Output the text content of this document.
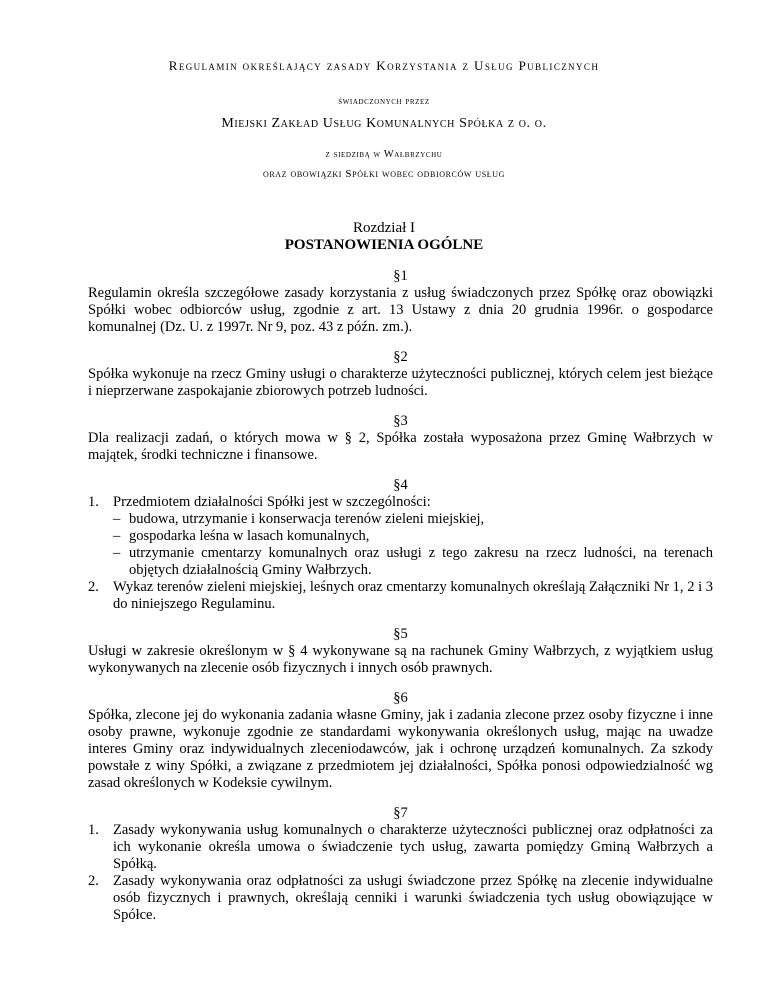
Regulamin określający zasady Korzystania z Usług Publicznych
świadczonych przez
Miejski Zakład Usług Komunalnych Spółka z o. o.
z siedzibą w Wałbrzychu
oraz obowiązki Spółki wobec odbiorców usług
Rozdział I
POSTANOWIENIA OGÓLNE
§1

Regulamin określa szczegółowe zasady korzystania z usług świadczonych przez Spółkę oraz obowiązki Spółki wobec odbiorców usług, zgodnie z art. 13 Ustawy z dnia 20 grudnia 1996r. o gospodarce komunalnej (Dz. U. z 1997r. Nr 9, poz. 43 z późn. zm.).

§2

Spółka wykonuje na rzecz Gminy usługi o charakterze użyteczności publicznej, których celem jest bieżące i nieprzerwane zaspokajanie zbiorowych potrzeb ludności.

§3

Dla realizacji zadań, o których mowa w § 2, Spółka została wyposażona przez Gminę Wałbrzych w majątek, środki techniczne i finansowe.

§4
1. Przedmiotem działalności Spółki jest w szczególności:
– budowa, utrzymanie i konserwacja terenów zieleni miejskiej,
– gospodarka leśna w lasach komunalnych,
– utrzymanie cmentarzy komunalnych oraz usługi z tego zakresu na rzecz ludności, na terenach objętych działalnością Gminy Wałbrzych.
2. Wykaz terenów zieleni miejskiej, leśnych oraz cmentarzy komunalnych określają Załączniki Nr 1, 2 i 3 do niniejszego Regulaminu.
§5

Usługi w zakresie określonym w § 4 wykonywane są na rachunek Gminy Wałbrzych, z wyjątkiem usług wykonywanych na zlecenie osób fizycznych i innych osób prawnych.

§6

Spółka, zlecone jej do wykonania zadania własne Gminy, jak i zadania zlecone przez osoby fizyczne i inne osoby prawne, wykonuje zgodnie ze standardami wykonywania określonych usług, mając na uwadze interes Gminy oraz indywidualnych zleceniodawców, jak i ochronę urządzeń komunalnych. Za szkody powstałe z winy Spółki, a związane z przedmiotem jej działalności, Spółka ponosi odpowiedzialność wg zasad określonych w Kodeksie cywilnym.

§7
1. Zasady wykonywania usług komunalnych o charakterze użyteczności publicznej oraz odpłatności za ich wykonanie określa umowa o świadczenie tych usług, zawarta pomiędzy Gminą Wałbrzych a Spółką.
2. Zasady wykonywania oraz odpłatności za usługi świadczone przez Spółkę na zlecenie indywidualne osób fizycznych i prawnych, określają cenniki i warunki świadczenia tych usług obowiązujące w Spółce.
